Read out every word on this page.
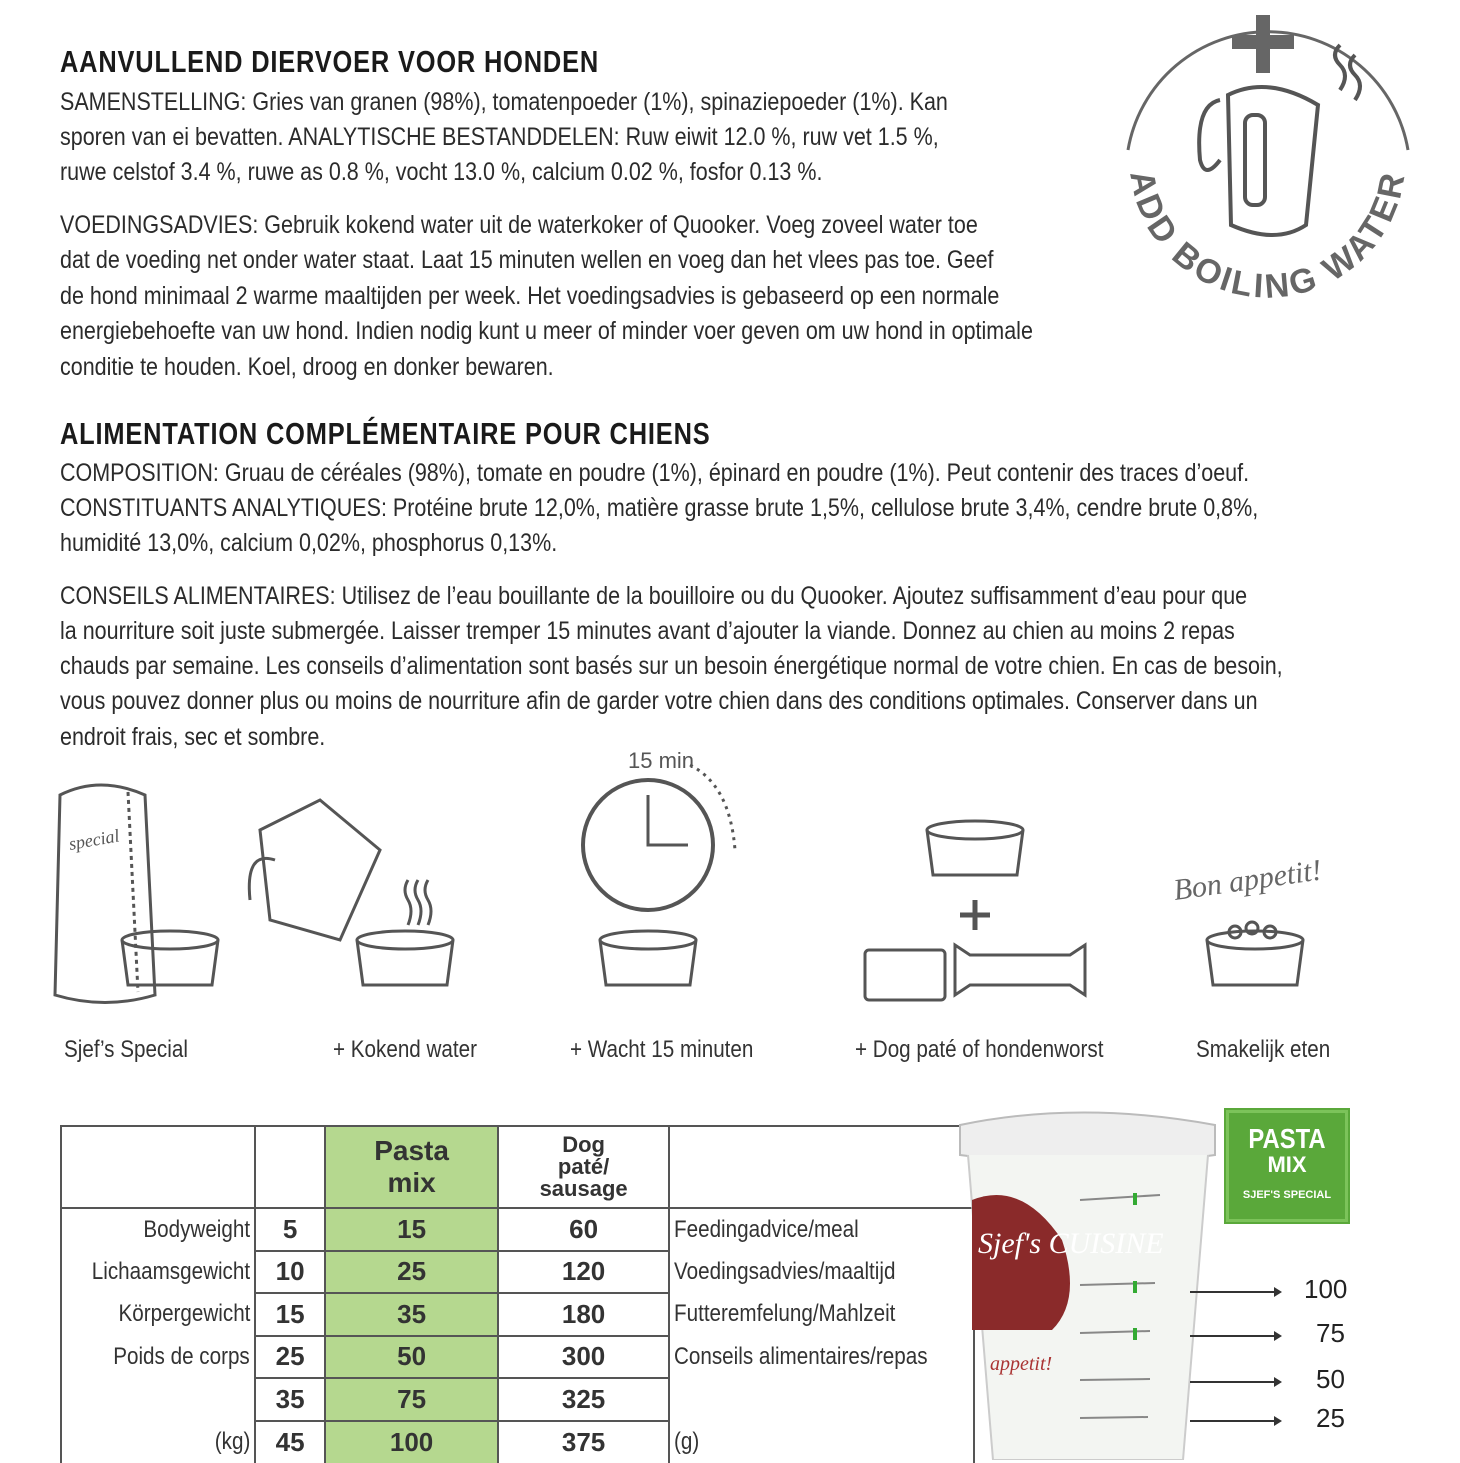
AANVULLEND DIERVOER VOOR HONDEN
SAMENSTELLING: Gries van granen (98%), tomatenpoeder (1%), spinaziepoeder (1%). Kan
sporen van ei bevatten. ANALYTISCHE BESTANDDELEN: Ruw eiwit 12.0 %, ruw vet 1.5 %,
ruwe celstof 3.4 %, ruwe as 0.8 %, vocht 13.0 %, calcium 0.02 %, fosfor 0.13 %.
VOEDINGSADVIES: Gebruik kokend water uit de waterkoker of Quooker. Voeg zoveel water toe
dat de voeding net onder water staat. Laat 15 minuten wellen en voeg dan het vlees pas toe. Geef
de hond minimaal 2 warme maaltijden per week. Het voedingsadvies is gebaseerd op een normale
energiebehoefte van uw hond. Indien nodig kunt u meer of minder voer geven om uw hond in optimale
conditie te houden. Koel, droog en donker bewaren.
ADD BOILING WATER
ALIMENTATION COMPLÉMENTAIRE POUR CHIENS
COMPOSITION: Gruau de céréales (98%), tomate en poudre (1%), épinard en poudre (1%). Peut contenir des traces d’oeuf.
CONSTITUANTS ANALYTIQUES: Protéine brute 12,0%, matière grasse brute 1,5%, cellulose brute 3,4%, cendre brute 0,8%,
humidité 13,0%, calcium 0,02%, phosphorus 0,13%.
CONSEILS ALIMENTAIRES: Utilisez de l’eau bouillante de la bouilloire ou du Quooker. Ajoutez suffisamment d’eau pour que
la nourriture soit juste submergée. Laisser tremper 15 minutes avant d’ajouter la viande. Donnez au chien au moins 2 repas
chauds par semaine. Les conseils d’alimentation sont basés sur un besoin énergétique normal de votre chien. En cas de besoin,
vous pouvez donner plus ou moins de nourriture afin de garder votre chien dans des conditions optimales. Conserver dans un
endroit frais, sec et sombre.
15 min
special
Bon appetit!
Sjef’s Special	+ Kokend water	+ Wacht 15 minuten	+ Dog paté of hondenworst	Smakelijk eten
		Pasta mix	Dog paté/ sausage	
Bodyweight	5	15	60	Feedingadvice/meal
Lichaamsgewicht	10	25	120	Voedingsadvies/maaltijd
Körpergewicht	15	35	180	Futteremfelung/Mahlzeit
Poids de corps	25	50	300	Conseils alimentaires/repas
	35	75	325	
(kg)	45	100	375	(g)
Sjef's CUISINE
appetit!
PASTA
MIX
SJEF'S SPECIAL
100
75
50
25
